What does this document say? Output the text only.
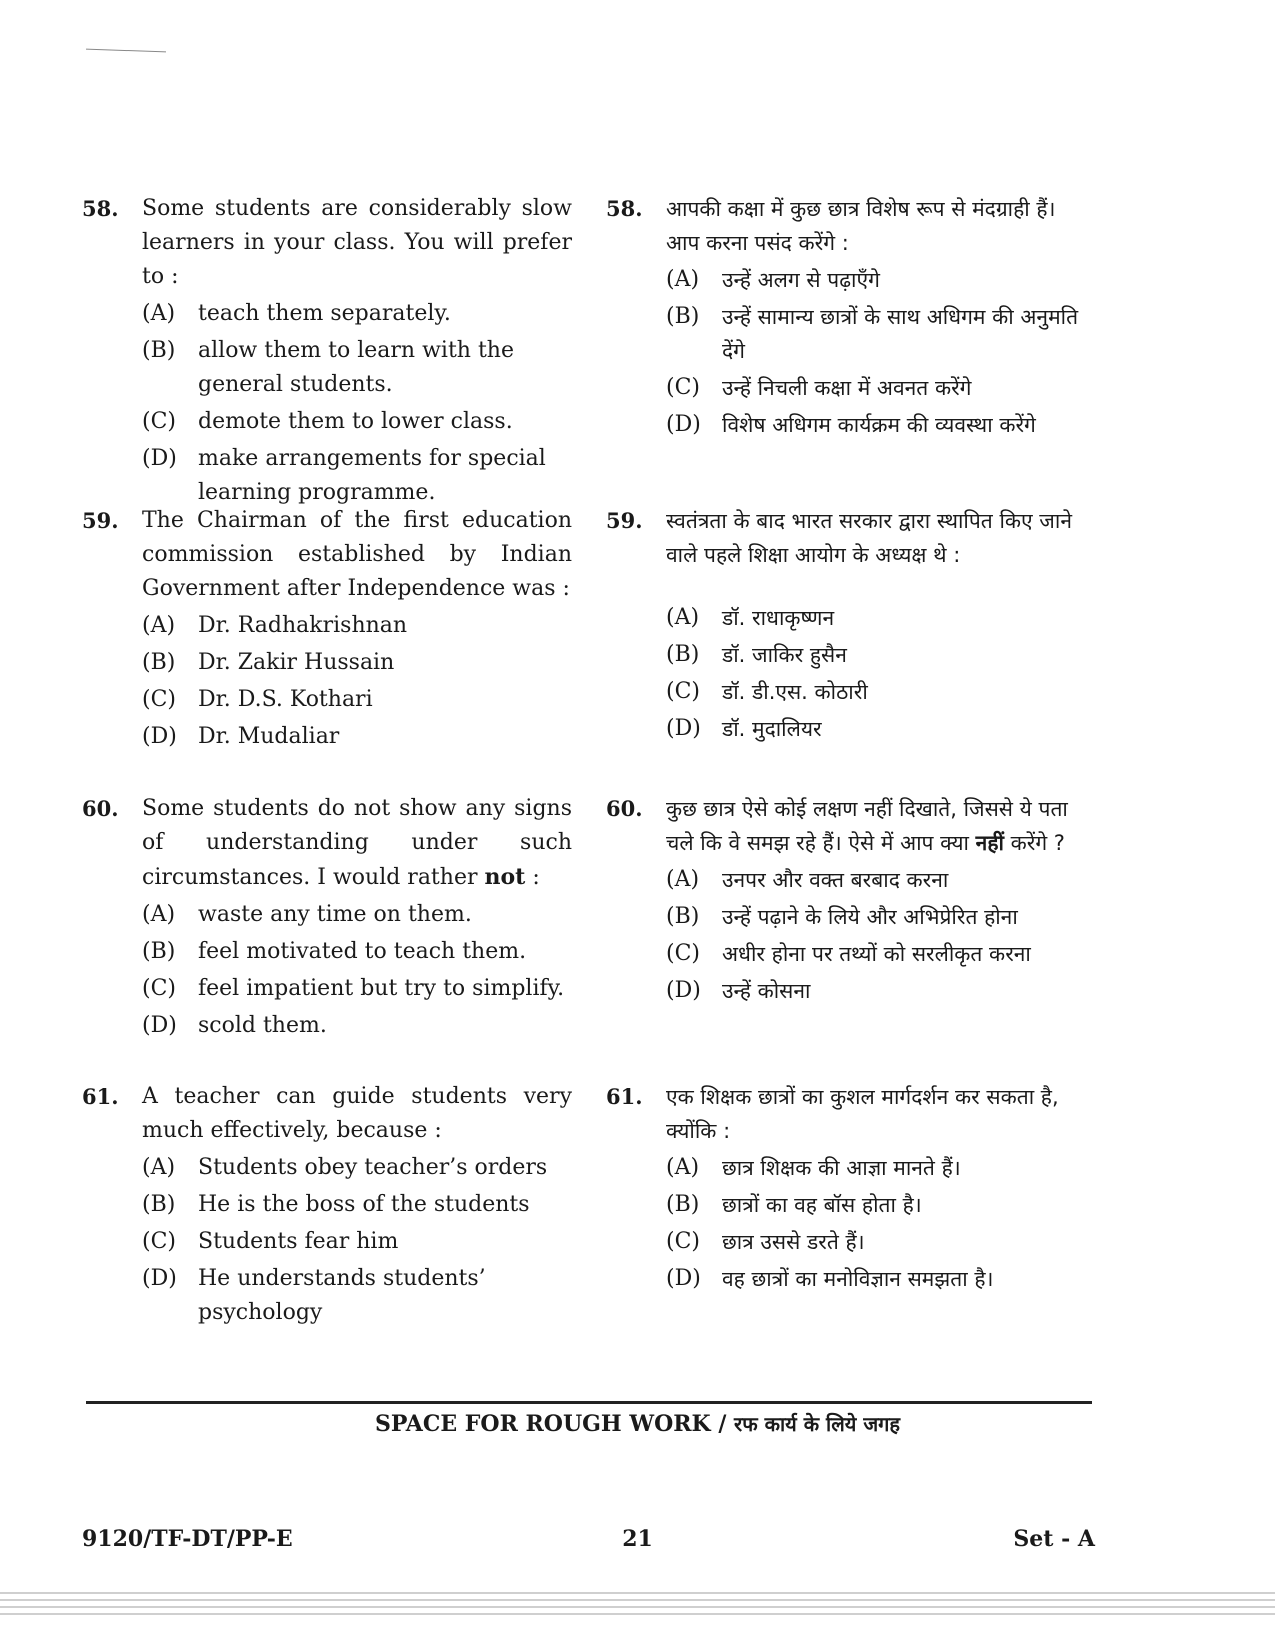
58.	Some students are considerably slow learners in your class. You will prefer to :
(A)	teach them separately.
(B)	allow them to learn with the general students.
(C)	demote them to lower class.
(D) make arrangements for special learning programme.
59.	The Chairman of the first education commission established by Indian Government after Independence was :
(A)	Dr. Radhakrishnan
(B)	Dr. Zakir Hussain
(C)	Dr. D.S. Kothari
(D) Dr. Mudaliar
60.	Some students do not show any signs of understanding under such circumstances. I would rather not :
(A)	waste any time on them.
(B)	feel motivated to teach them.
(C)	feel impatient but try to simplify.
(D) scold them.
61.	A teacher can guide students very much effectively, because :
(A)	Students obey teacher’s orders
(B)	He is the boss of the students
(C)	Students fear him
(D) He understands students’ psychology
58.	आपकी कक्षा में कुछ छात्र विशेष रूप से मंदग्राही हैं। आप करना पसंद करेंगे :
(A)	उन्हें अलग से पढ़ाएँगे
(B)	उन्हें सामान्य छात्रों के साथ अधिगम की अनुमति देंगे
(C)	उन्हें निचली कक्षा में अवनत करेंगे
(D)	विशेष अधिगम कार्यक्रम की व्यवस्था करेंगे
59.	स्वतंत्रता के बाद भारत सरकार द्वारा स्थापित किए जाने वाले पहले शिक्षा आयोग के अध्यक्ष थे :
(A)	डॉ. राधाकृष्णन
(B)	डॉ. जाकिर हुसैन
(C)	डॉ. डी.एस. कोठारी
(D)	डॉ. मुदालियर
60.	कुछ छात्र ऐसे कोई लक्षण नहीं दिखाते, जिससे ये पता चले कि वे समझ रहे हैं। ऐसे में आप क्या नहीं करेंगे ?
(A)	उनपर और वक्त बरबाद करना
(B)	उन्हें पढ़ाने के लिये और अभिप्रेरित होना
(C)	अधीर होना पर तथ्यों को सरलीकृत करना
(D)	उन्हें कोसना
61.	एक शिक्षक छात्रों का कुशल मार्गदर्शन कर सकता है, क्योंकि :
(A)	छात्र शिक्षक की आज्ञा मानते हैं।
(B)	छात्रों का वह बॉस होता है।
(C)	छात्र उससे डरते हैं।
(D)	वह छात्रों का मनोविज्ञान समझता है।
SPACE FOR ROUGH WORK / रफ कार्य के लिये जगह
9120/TF-DT/PP-E	21	Set - A
